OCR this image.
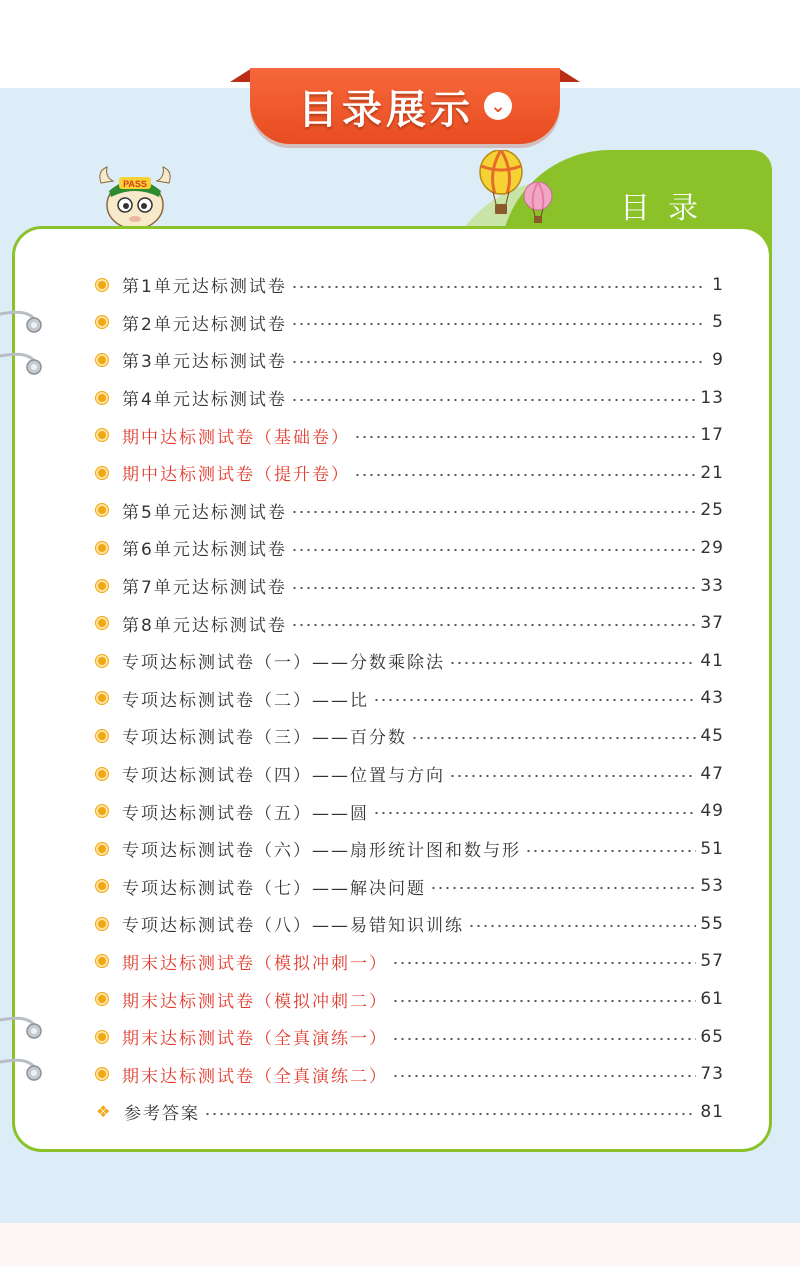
目录展示 ⌄
目录
PASS
第1单元达标测试卷	1
第2单元达标测试卷	5
第3单元达标测试卷	9
第4单元达标测试卷	13
期中达标测试卷（基础卷）	17
期中达标测试卷（提升卷）	21
第5单元达标测试卷	25
第6单元达标测试卷	29
第7单元达标测试卷	33
第8单元达标测试卷	37
专项达标测试卷（一）——分数乘除法	41
专项达标测试卷（二）——比	43
专项达标测试卷（三）——百分数	45
专项达标测试卷（四）——位置与方向	47
专项达标测试卷（五）——圆	49
专项达标测试卷（六）——扇形统计图和数与形	51
专项达标测试卷（七）——解决问题	53
专项达标测试卷（八）——易错知识训练	55
期末达标测试卷（模拟冲刺一）	57
期末达标测试卷（模拟冲刺二）	61
期末达标测试卷（全真演练一）	65
期末达标测试卷（全真演练二）	73
❖ 参考答案	81
